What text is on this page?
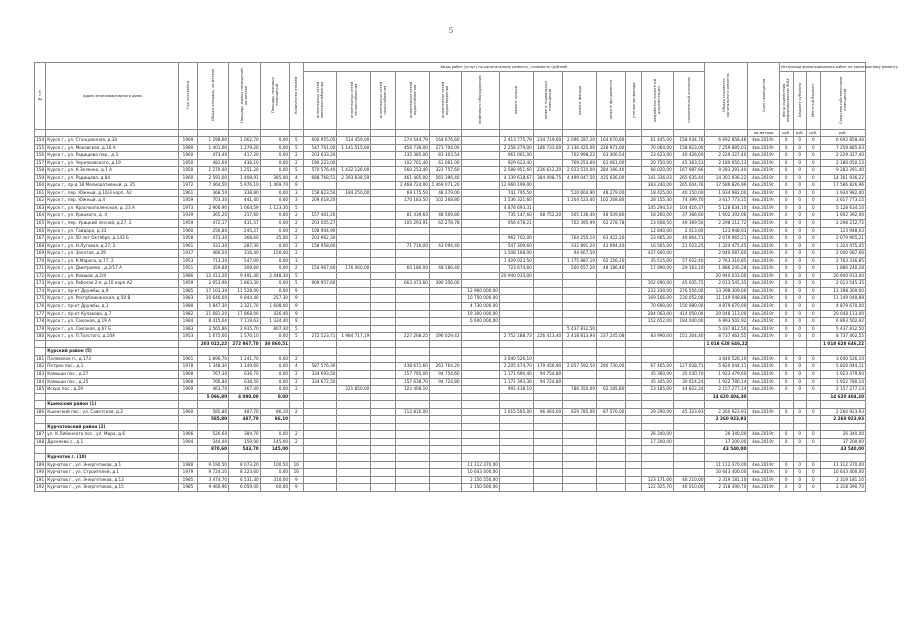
5
№ п/п	Адрес многоквартирного дома	Год постройки	Общая площадь, кв.метров	Площадь жилых помещений, кв.метров	Площадь нежилых помещений	Количество этажей	Виды работ (услуг) по капитальному ремонту, стоимость (рублей)													Общая стоимость капитального ремонта	Срок проведения	Источники финансирования работ по капитальному ремонту			
							инженерных сетей электроснабжения	инженерных сетей теплоснабжения	инженерных сетей газоснабжения	инженерных сетей водоснабжения	инженерных сетей водоотведения	лифтового оборудования	ремонт крыши	ремонт подвальных помещений	ремонт фасада	ремонт фундамента	утепление фасада	разработка проектной документации	строительный контроль			Фонд содействия реформированию ЖКХ	Бюджет субъекта	Местный бюджет	Средства собственников помещений
																					кв.метров	руб.	руб.	руб.	руб.
154	Курск г., ул. Станционная, д.34	1969	1 298,60	1 062,70	0,00	5	600 955,05	514 459,00		274 544,79	164 676,60		2 413 775,79	234 719,00	2 096 287,20	164 670,60		61 445,00	158 934,76	6 692 858,46	4кв.2019г.	0	0	0	6 692 858,46
155	Курск г., ул. Моковская, д.16 А	1980	1 401,00	1 279,20	0,00	5	547 761,00	1 141 515,00		456 736,00	271 704,00		2 256 279,00	186 733,00	2 136 425,00	228 971,00		70 064,00	158 823,00	7 259 885,03	4кв.2019г.	0	0	0	7 259 885,03
156	Курск г., ул. Радищева пер., д.3	1960	473,40	417,20	0,00	2	203 633,20			135 385,00	83 303,54		961 061,00		702 998,22	63 300,54		23 623,00	40 426,00	2 229 327,40	4кв.2019г.	0	0	0	2 229 327,40
157	Курск г., ул. Черняховского, д.19	1950	481,60	436,10	0,00	2	190 223,00			102 761,40	61 061,00		929 623,40		769 253,60	61 061,00		20 750,00	45 363,53	2 180 050,13	4кв.2019г.	0	0	0	2 180 050,13
158	Курск г., ул. К.Зеленко, д.1 А	1950	1 270,40	1 251,20	0,00	5	570 576,40	1 432 126,00		560 253,40	323 757,60		2 588 951,60	236 612,20	2 023 510,00	284 166,40		66 020,00	167 987,66	9 283 291,40	4кв.2019г.	0	0	0	9 283 291,40
159	Курск г., ул. Радищева, д.84	1960	2 591,00	1 408,91	385,00	4	688 768,51	2 393 838,59		461 405,00	565 396,40		4 139 618,67	384 098,75	4 499 047,50	435 636,00		141 336,03	265 635,44	14 301 936,22	4кв.2019г.	0	0	0	14 301 936,22
160	Курск г., пр-д 18 Мелиоративный, д. 35	1972	7 464,50	5 976,10	1 469,70	9				2 468 724,00	1 469 071,20		12 960 199,00					383 240,00	265 604,76	17 586 826,96	4кв.2019г.	0	0	0	17 586 826,96
161	Курск г., пер. Южный, д.16/3 корп. А2	1961	368,50	338,80	0,00	3	158 823,50	184 250,00		69 175,50	48 279,00		741 795,50		510 604,90	48 279,00		18 425,00	40 150,00	1 934 982,00	4кв.2019г.	0	0	0	1 934 982,00
162	Курск г., пер. Южный, д.4	1959	703,30	441,40	0,00	3	209 618,20			170 183,50	102 268,80		1 536 321,60		1 204 523,40	102 268,80		28 155,30	74 399,70	3 617 773,15	4кв.2019г.	0	0	0	3 617 773,15
163	Курск г., ул. Красноополянская, д. 23 А	1973	2 906,90	1 664,59	1 123,30	5							4 878 693,31					145 294,53	104 416,37	5 128 634,10	4кв.2019г.	0	0	0	5 128 634,10
164	Курск г., ул. Урицкого, д. 4	1939	365,20	317,60	0,00	2	157 401,20			81 439,60	48 509,80		735 147,60	68 752,20	565 136,40	48 509,80		18 260,00	37 366,60	1 602 392,06	4кв.2019г.	0	0	0	1 602 392,06
165	Курск г., пер. Урицкий лесной, д.27, 2	1959	472,17	431,57	0,00	2	203 505,27			105 293,91	62 278,78		956 478,21		702 395,99	62 278,78		23 608,50	49 369,50	2 298 212,72	4кв.2019г.	0	0	0	2 298 212,72
166	Курск г., ул. Гайдара, д.33	1960	256,80	245,27	0,00	2	108 944,90											12 840,00	2 013,00	123 948,03	4кв.2019г.	0	0	0	123 948,03
167	Курск г., ул. 50 лет Октября, д.143 Б	1958	473,30	368,60	35,00	2	203 962,30						962 702,00		764 255,10	63 422,20		23 665,30	40 864,71	2 079 965,21	4кв.2019г.	0	0	0	2 079 965,21
168	Курск г., ул. Н.Луговая, д.27, 2	1961	331,30	287,30	0,00	2	158 958,60			71 716,00	43 094,40		547 309,60		332 891,20	43 094,40		16 565,00	21 023,25	1 324 475,45	4кв.2019г.	0	0	0	1 324 475,45
169	Курск г., ул. Золотая, д.29	1917	466,50	316,40	150,40	2							1 508 168,00		94 667,50			437 600,00		2 040 087,60	4кв.2019г.	0	0	0	2 040 087,60
170	Курск г., ул. К.Маркса, д.77, 2	1953	713,30	547,00	0,00	3							1 429 023,50		1 175 887,10	65 156,20		35 515,00	57 622,40	2 763 316,85	4кв.2019г.	0	0	0	2 763 316,85
171	Курск г., ул. Дмитриева , д.2/17 А	1951	359,80	309,60	0,00	2	154 967,60	176 060,00		60 180,00	48 186,40		723 674,60		560 657,20	48 186,40		17 990,00	29 163,10	1 886 240,28	4кв.2019г.	0	0	0	1 886 240,28
172	Курск г., ул. Ковшов, д.2/4	1986	12 413,20	9 491,40	2 448,30	5							20 940 033,00							20 940 033,00	4кв.2019г.	0	0	0	20 940 033,00
173	Курск г., ул. Рабочая 2-я, д.10 корп.А2	1959	2 053,90	1 863,30	0,00	5	909 957,60			663 473,60	390 356,00							102 690,00	45 035,75	2 013 545,35	4кв.2019г.	0	0	0	2 013 545,35
174	Курск г., пр-кт Дружбы, д.9	1985	17 103,30	11 528,00	0,00	9						12 960 000,00						232 339,00	276 556,00	13 398 309,00	4кв.2019г.	0	0	0	13 398 309,00
175	Курск г., ул. Республиканская, д.50 В	1983	10 646,00	9 844,40	257,30	9						10 750 000,00						169 166,00	230 052,00	11 149 048,88	4кв.2019г.	0	0	0	11 149 048,88
176	Курск г., пр-кт Дружбы, д.1	1980	5 847,30	3 321,70	1 608,00	9						4 730 000,00						70 690,00	150 980,00	4 879 670,00	4кв.2019г.	0	0	0	4 879 670,00
177	Курск г., пр-кт Кулакова, д.7	1982	21 681,20	17 868,00	426,40	9						19 300 000,00						284 063,00	414 050,00	20 048 113,00	4кв.2019г.	0	0	0	20 048 113,00
178	Курск г., ул. Союзная, д.19 А	1984	8 415,64	7 119,63	1 334,40	9						6 600 000,00						152 652,00	184 040,00	6 893 502,92	4кв.2019г.	0	0	0	6 893 502,92
179	Курск г., ул. Союзная, д.67 Б	1983	3 565,86	2 935,70	807,30	5									5 437 812,50					5 437 812,50	4кв.2019г.	0	0	0	5 437 812,50
180	Курск г., ул. Л.Толстого, д.10А	1953	1 675,00	1 570,10	0,00	5	272 523,71	1 984 717,19		227 268,25	196 029,43		2 752 188,73	226 413,40	2 418 813,94	237 245,08		83 990,00	151 304,40	8 737 462,55	4кв.2019г.	0	0	0	8 737 462,55
			203 022,22	272 867,70	30 860,51															1 018 628 646,22					1 018 628 646,22
	Курский район (5)																								
181	Полевское п., д.173	1961	1 896,70	1 241,70	0,00	2							3 640 526,10							3 640 526,10	4кв.2019г.	0	0	0	3 640 526,10
182	Петрин пос., д.1	1978	1 348,30	1 149,60	0,00	4	587 576,30			438 671,60	261 764,20		2 205 474,70	179 456,90	2 057 592,50	290 730,00		67 465,00	127 028,71	5 820 044,11	4кв.2019г.	0	0	0	5 820 044,11
183	Камыши пос., д.27	1968	767,30	636,70	0,00	2	334 693,50			157 795,00	94 754,60		1 171 690,40	94 754,80				35 360,00	35 030,70	1 923 479,60	4кв.2019г.	0	0	0	1 923 479,60
184	Камыши пос., д.25	1968	766,80	638,50	0,00	2	334 672,50			157 638,70	94 724,80		1 171 393,30	94 724,80				35 345,00	30 614,24	1 922 780,14	4кв.2019г.	0	0	0	1 922 780,14
185	Искра пос., д.29	1969	463,70	367,40	0,00	2		221 850,00		122 408,10			992 438,10		786 350,00	62 185,80		23 185,00	44 822,24	2 157 277,14	4кв.2019г.	0	0	0	2 157 277,14
			5 096,80	4 090,00	0,00															14 620 404,30					14 620 404,30
	Кшенский район (1)																								
186	Кшенский пос., ул. Советская, д.2	1960	585,80	487,70	86,10	2				112 816,00			1 015 595,00	96 464,00	829 785,00	87 570,00		29 290,00	45 323,93	2 260 923,93	4кв.2019г.	0	0	0	2 260 923,93
			585,80	487,70	86,10															2 260 923,93					2 260 923,93
	Курчатовский район (2)																								
187	ул. К.Либкнехта пос., ул. Мира, д.6	1966	526,60	384,70	0,00	2												26 340,00		26 340,00	4кв.2019г.	0	0	0	26 340,00
188	Дроняево с., д.1	1994	344,00	159,00	145,00	2												17 200,00		17 200,00	4кв.2019г.	0	0	0	17 200,00
			870,60	543,70	145,00															43 540,00					43 540,00
	Курчатов г. (10)																								
189	Курчатов г., ул. Энергетиков, д.1	1980	9 190,50	8 073,20	100,50	16						11 112 370,00								11 112 370,00	4кв.2019г.	0	0	0	11 112 370,00
190	Курчатов г., ул. Строителей, д.1	1979	9 724,10	8 223,60	0,00	16						10 643 400,00								10 643 400,00	4кв.2019г.	0	0	0	10 643 400,00
191	Курчатов г., ул. Энергетиков, д.13	1985	3 474,70	6 531,30	310,00	9						2 150 556,00						123 171,00	46 210,00	2 319 181,10	4кв.2019г.	0	0	0	2 319 181,10
192	Курчатов г., ул. Энергетиков, д.15	1985	9 460,90	6 059,40	60,00	9						2 150 666,00						122 325,70	46 010,00	2 318 390,70	4кв.2019г.	0	0	0	2 318 390,70
